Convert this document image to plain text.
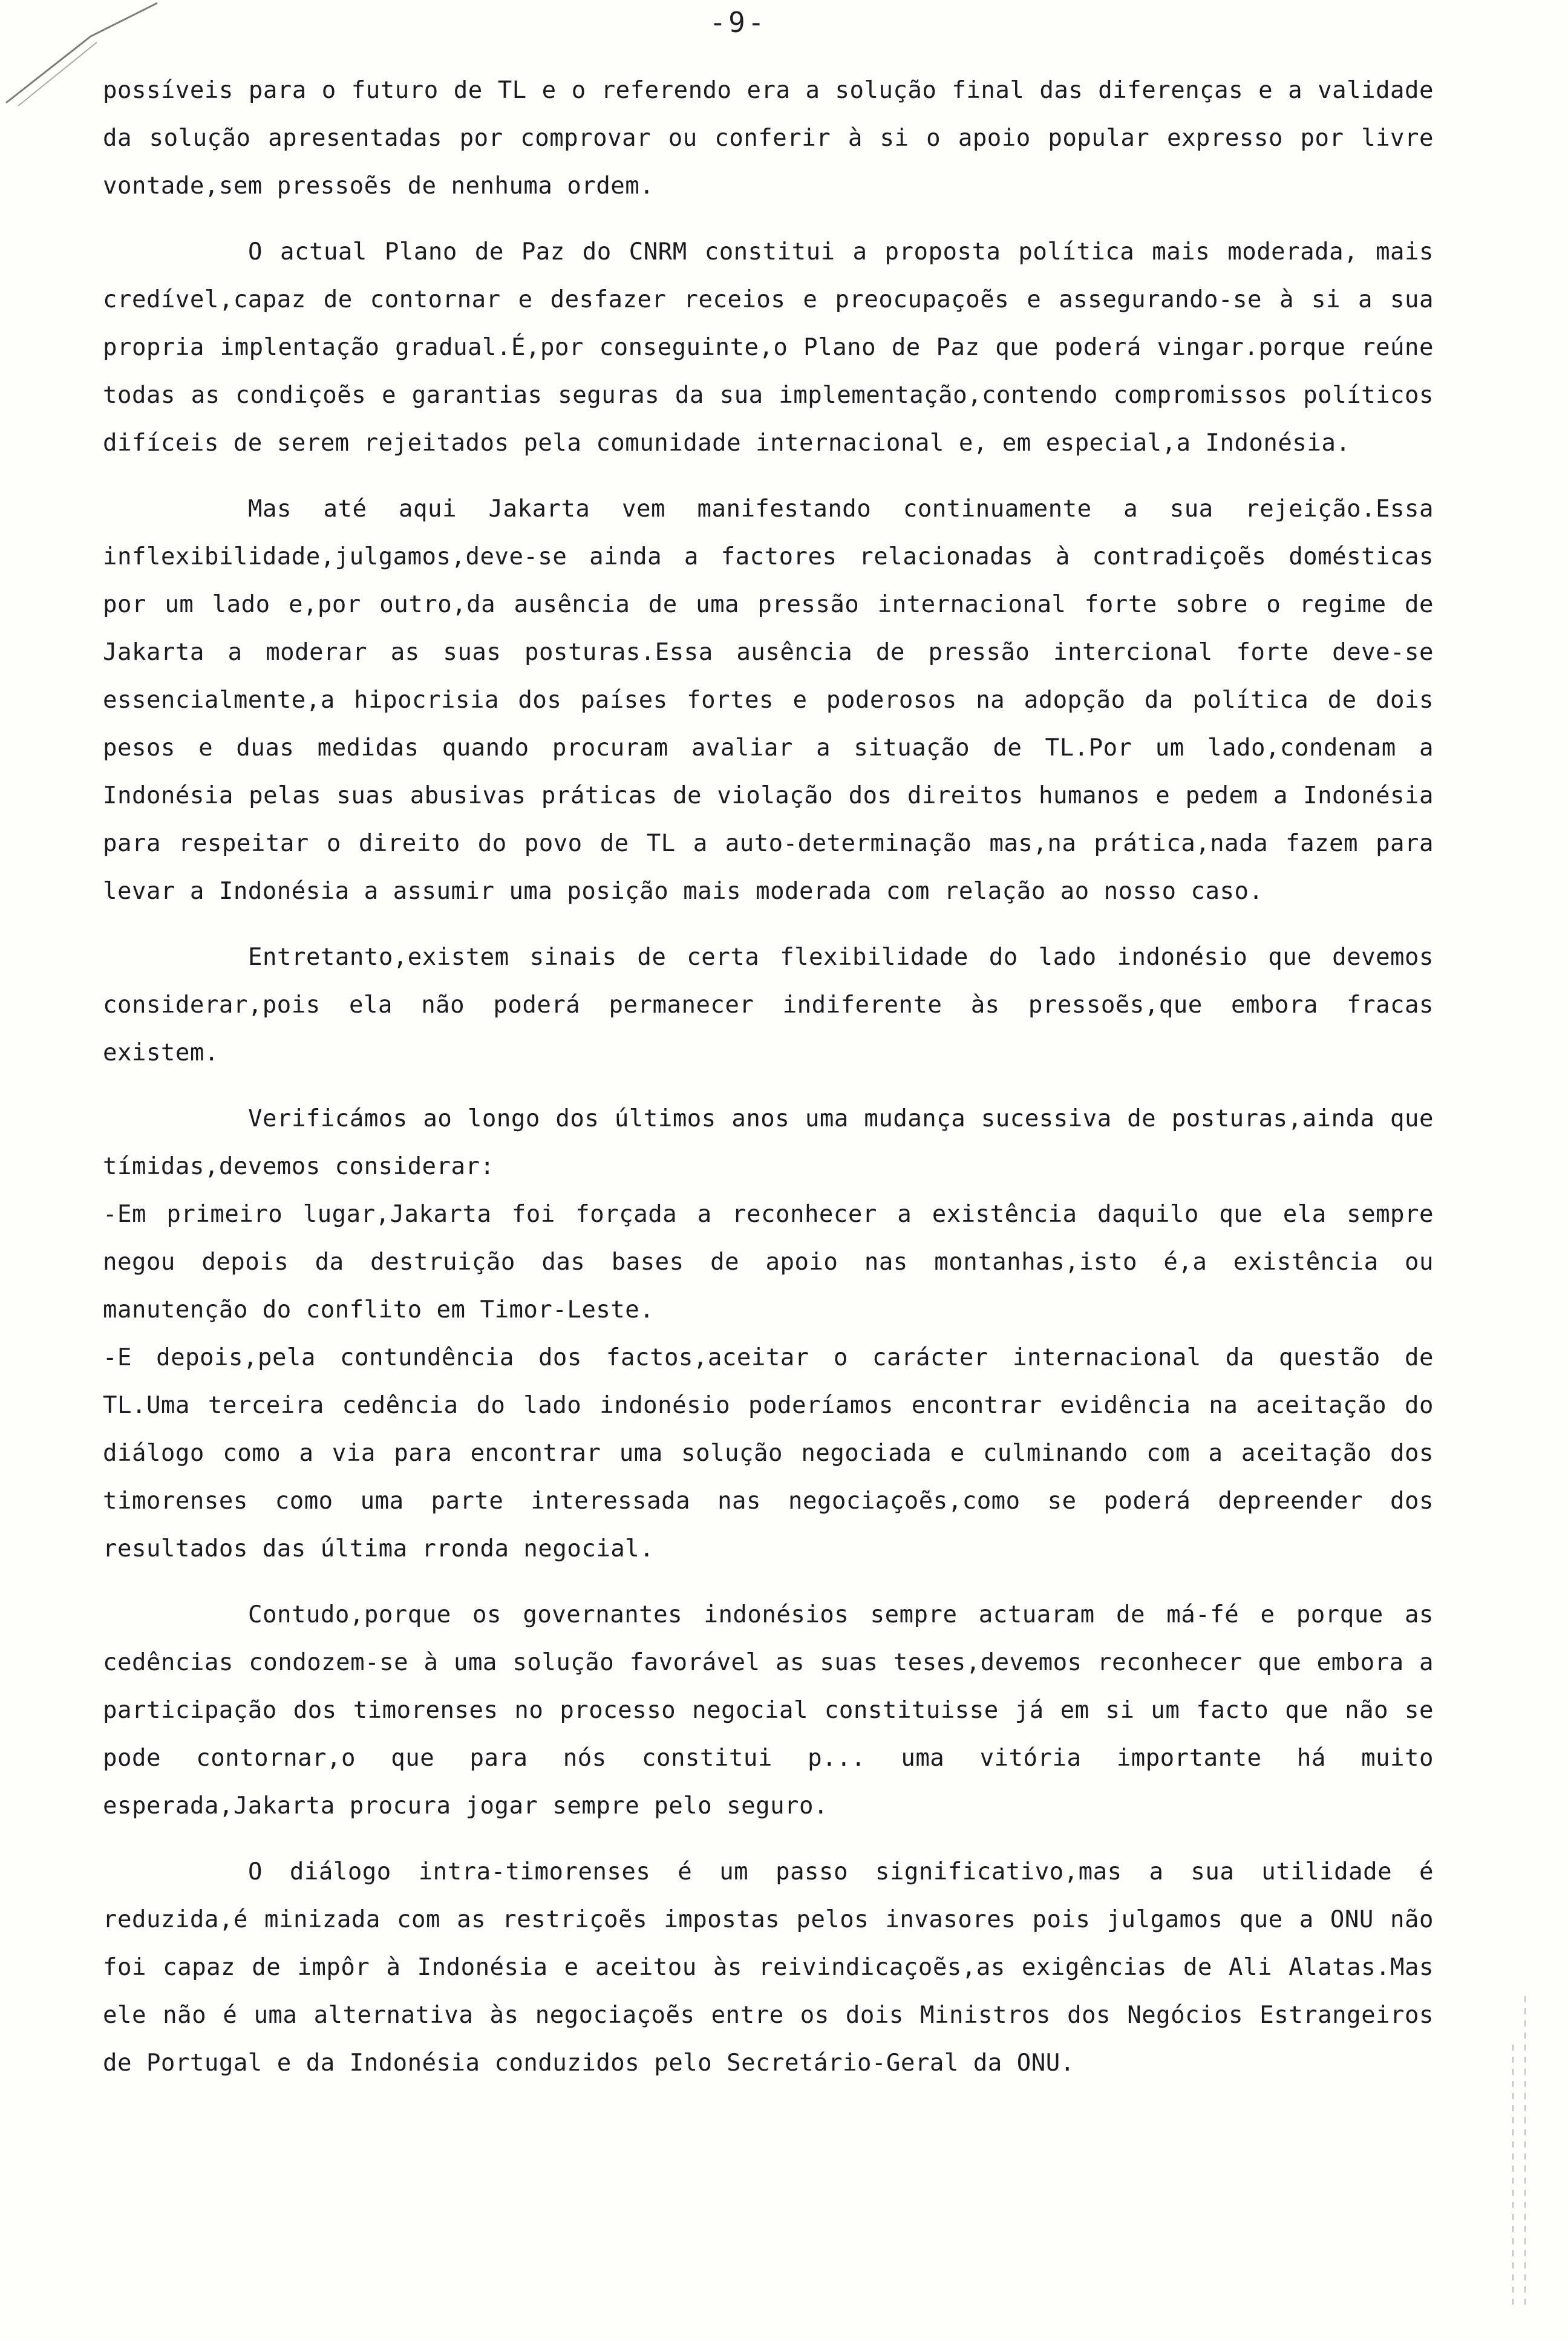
-9-

possíveis para o futuro de TL e o referendo era a solução final das diferenças e a validade da solução apresentadas por comprovar ou conferir à si o apoio popular expresso por livre vontade,sem pressoẽs de nenhuma ordem.

O actual Plano de Paz do CNRM constitui a proposta política mais moderada, mais credível,capaz de contornar e desfazer receios e preocupaçoẽs e assegurando-se à si a sua propria implentação gradual.É,por conseguinte,o Plano de Paz que poderá vingar.porque reúne todas as condiçoẽs e garantias seguras da sua implementação,contendo compromissos políticos difíceis de serem rejeitados pela comunidade internacional e, em especial,a Indonésia.

Mas até aqui Jakarta vem manifestando continuamente a sua rejeição.Essa inflexibilidade,julgamos,deve-se ainda a factores relacionadas à contradiçoẽs domésticas por um lado e,por outro,da ausência de uma pressão internacional forte sobre o regime de Jakarta a moderar as suas posturas.Essa ausência de pressão intercional forte deve-se essencialmente,a hipocrisia dos países fortes e poderosos na adopção da política de dois pesos e duas medidas quando procuram avaliar a situação de TL.Por um lado,condenam a Indonésia pelas suas abusivas práticas de violação dos direitos humanos e pedem a Indonésia para respeitar o direito do povo de TL a auto-determinação mas,na prática,nada fazem para levar a Indonésia a assumir uma posição mais moderada com relação ao nosso caso.

Entretanto,existem sinais de certa flexibilidade do lado indonésio que devemos considerar,pois ela não poderá permanecer indiferente às pressoẽs,que embora fracas existem.

Verificámos ao longo dos últimos anos uma mudança sucessiva de posturas,ainda que tímidas,devemos considerar:

-Em primeiro lugar,Jakarta foi forçada a reconhecer a existência daquilo que ela sempre negou depois da destruição das bases de apoio nas montanhas,isto é,a existência ou manutenção do conflito em Timor-Leste.

-E depois,pela contundência dos factos,aceitar o carácter internacional da questão de TL.Uma terceira cedência do lado indonésio poderíamos encontrar evidência na aceitação do diálogo como a via para encontrar uma solução negociada e culminando com a aceitação dos timorenses como uma parte interessada nas negociaçoẽs,como se poderá depreender dos resultados das última rronda negocial.

Contudo,porque os governantes indonésios sempre actuaram de má-fé e porque as cedências condozem-se à uma solução favorável as suas teses,devemos reconhecer que embora a participação dos timorenses no processo negocial constituisse já em si um facto que não se pode contornar,o que para nós constitui p... uma vitória importante há muito esperada,Jakarta procura jogar sempre pelo seguro.

O diálogo intra-timorenses é um passo significativo,mas a sua utilidade é reduzida,é minizada com as restriçoẽs impostas pelos invasores pois julgamos que a ONU não foi capaz de impôr à Indonésia e aceitou às reivindicaçoẽs,as exigências de Ali Alatas.Mas ele não é uma alternativa às negociaçoẽs entre os dois Ministros dos Negócios Estrangeiros de Portugal e da Indonésia conduzidos pelo Secretário-Geral da ONU.
